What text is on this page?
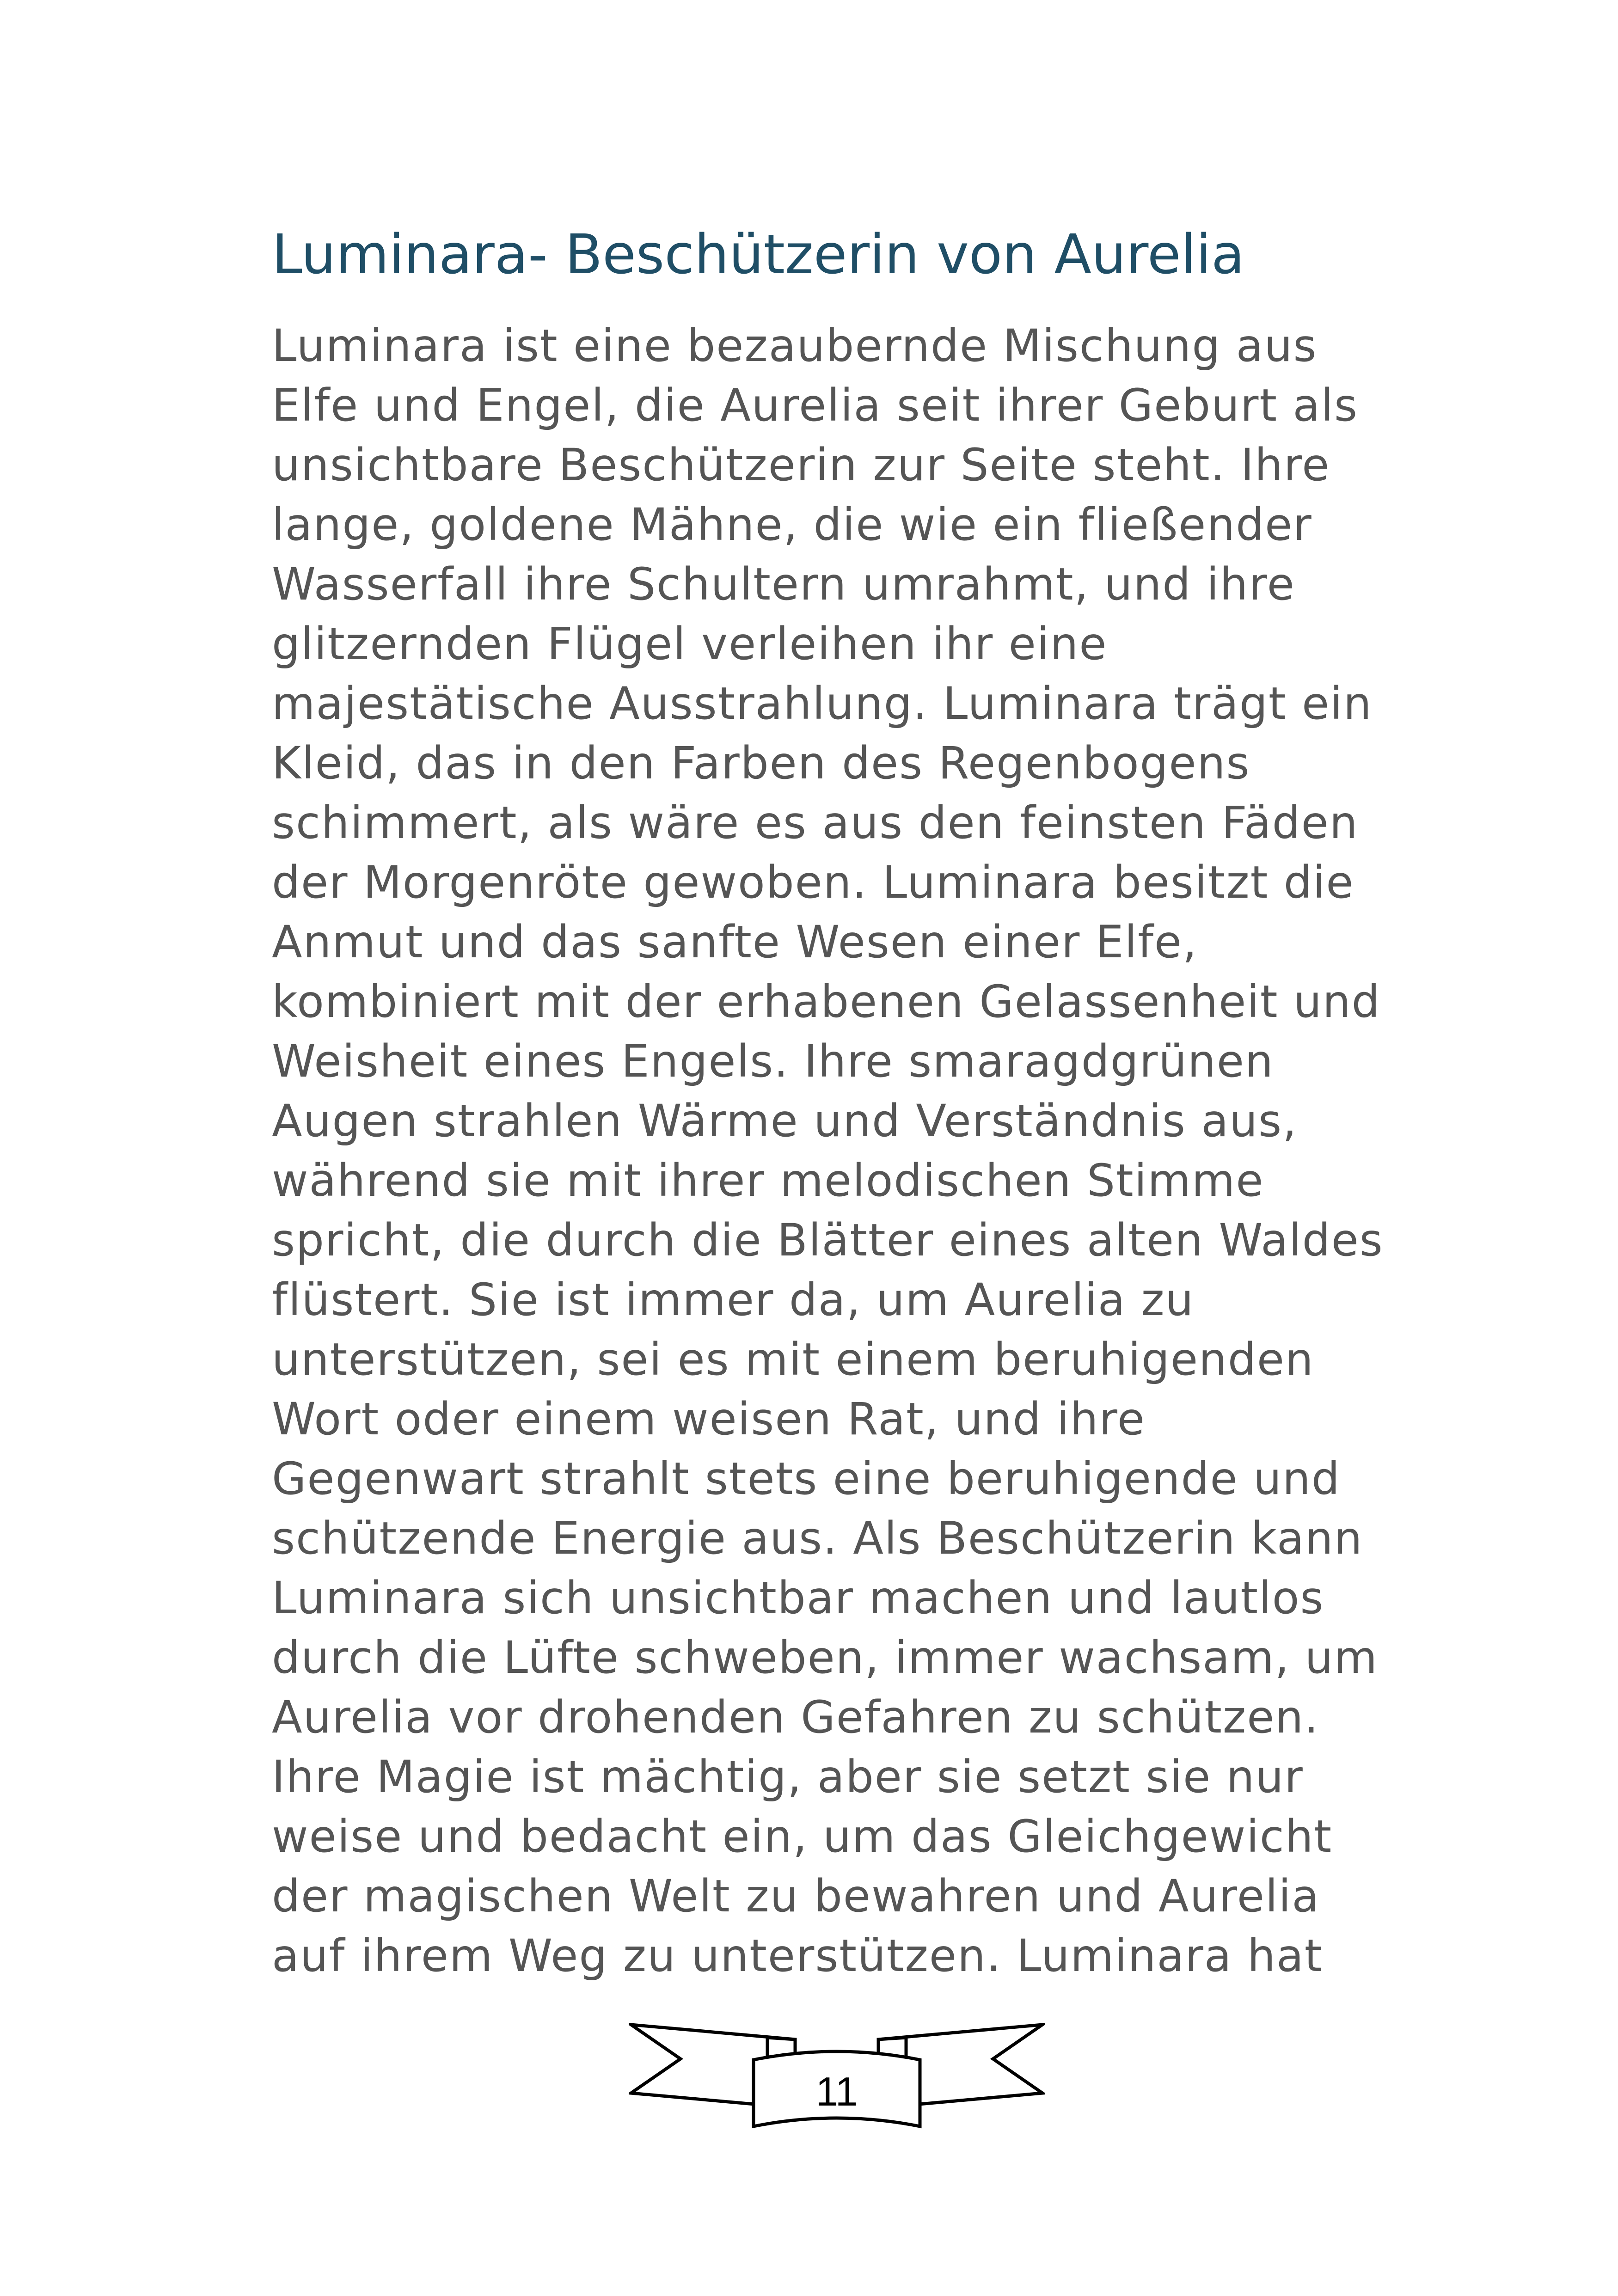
Luminara- Beschützerin von Aurelia
Luminara ist eine bezaubernde Mischung aus
Elfe und Engel, die Aurelia seit ihrer Geburt als
unsichtbare Beschützerin zur Seite steht. Ihre
lange, goldene Mähne, die wie ein fließender
Wasserfall ihre Schultern umrahmt, und ihre
glitzernden Flügel verleihen ihr eine
majestätische Ausstrahlung. Luminara trägt ein
Kleid, das in den Farben des Regenbogens
schimmert, als wäre es aus den feinsten Fäden
der Morgenröte gewoben. Luminara besitzt die
Anmut und das sanfte Wesen einer Elfe,
kombiniert mit der erhabenen Gelassenheit und
Weisheit eines Engels. Ihre smaragdgrünen
Augen strahlen Wärme und Verständnis aus,
während sie mit ihrer melodischen Stimme
spricht, die durch die Blätter eines alten Waldes
flüstert. Sie ist immer da, um Aurelia zu
unterstützen, sei es mit einem beruhigenden
Wort oder einem weisen Rat, und ihre
Gegenwart strahlt stets eine beruhigende und
schützende Energie aus. Als Beschützerin kann
Luminara sich unsichtbar machen und lautlos
durch die Lüfte schweben, immer wachsam, um
Aurelia vor drohenden Gefahren zu schützen.
Ihre Magie ist mächtig, aber sie setzt sie nur
weise und bedacht ein, um das Gleichgewicht
der magischen Welt zu bewahren und Aurelia
auf ihrem Weg zu unterstützen. Luminara hat
11
